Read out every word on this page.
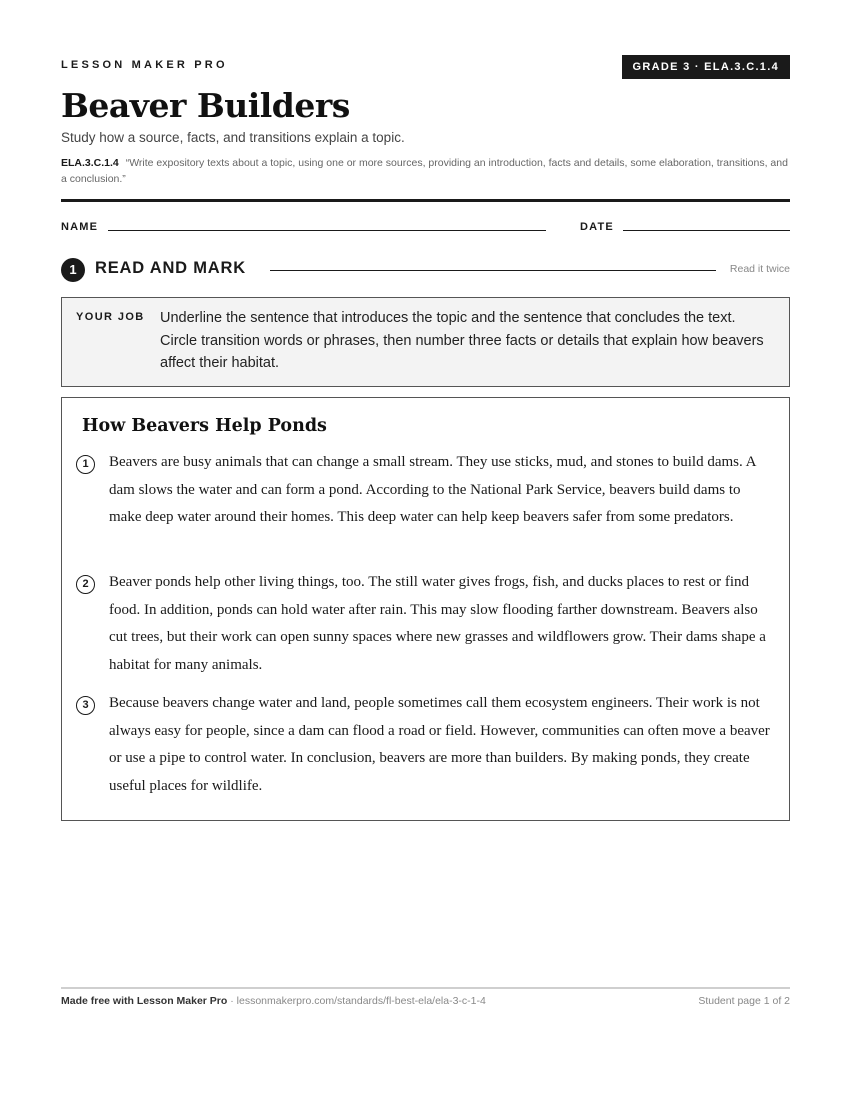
LESSON MAKER PRO	GRADE 3 · ELA.3.C.1.4
Beaver Builders
Study how a source, facts, and transitions explain a topic.
ELA.3.C.1.4 “Write expository texts about a topic, using one or more sources, providing an introduction, facts and details, some elaboration, transitions, and a conclusion.”
NAME	DATE
1	READ AND MARK	Read it twice
YOUR JOB Underline the sentence that introduces the topic and the sentence that concludes the text. Circle transition words or phrases, then number three facts or details that explain how beavers affect their habitat.
How Beavers Help Ponds
1	Beavers are busy animals that can change a small stream. They use sticks, mud, and stones to build dams. A dam slows the water and can form a pond. According to the National Park Service, beavers build dams to make deep water around their homes. This deep water can help keep beavers safer from some predators.
2	Beaver ponds help other living things, too. The still water gives frogs, fish, and ducks places to rest or find food. In addition, ponds can hold water after rain. This may slow flooding farther downstream. Beavers also cut trees, but their work can open sunny spaces where new grasses and wildflowers grow. Their dams shape a habitat for many animals.
3	Because beavers change water and land, people sometimes call them ecosystem engineers. Their work is not always easy for people, since a dam can flood a road or field. However, communities can often move a beaver or use a pipe to control water. In conclusion, beavers are more than builders. By making ponds, they create useful places for wildlife.
Made free with Lesson Maker Pro · lessonmakerpro.com/standards/fl-best-ela/ela-3-c-1-4	Student page 1 of 2
